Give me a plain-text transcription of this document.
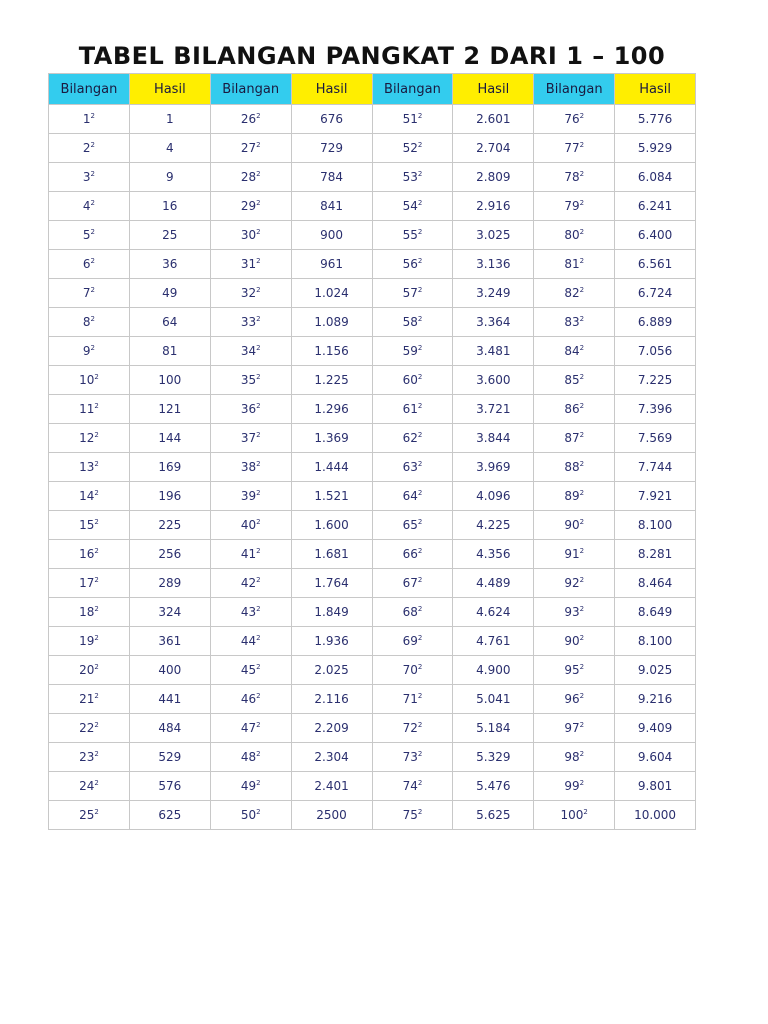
TABEL BILANGAN PANGKAT 2 DARI 1 – 100
Bilangan	Hasil	Bilangan	Hasil	Bilangan	Hasil	Bilangan	Hasil
$1^2$	1	$26^2$	676	$51^2$	2.601	$76^2$	5.776
$2^2$	4	$27^2$	729	$52^2$	2.704	$77^2$	5.929
$3^2$	9	$28^2$	784	$53^2$	2.809	$78^2$	6.084
$4^2$	16	$29^2$	841	$54^2$	2.916	$79^2$	6.241
$5^2$	25	$30^2$	900	$55^2$	3.025	$80^2$	6.400
$6^2$	36	$31^2$	961	$56^2$	3.136	$81^2$	6.561
$7^2$	49	$32^2$	1.024	$57^2$	3.249	$82^2$	6.724
$8^2$	64	$33^2$	1.089	$58^2$	3.364	$83^2$	6.889
$9^2$	81	$34^2$	1.156	$59^2$	3.481	$84^2$	7.056
$10^2$	100	$35^2$	1.225	$60^2$	3.600	$85^2$	7.225
$11^2$	121	$36^2$	1.296	$61^2$	3.721	$86^2$	7.396
$12^2$	144	$37^2$	1.369	$62^2$	3.844	$87^2$	7.569
$13^2$	169	$38^2$	1.444	$63^2$	3.969	$88^2$	7.744
$14^2$	196	$39^2$	1.521	$64^2$	4.096	$89^2$	7.921
$15^2$	225	$40^2$	1.600	$65^2$	4.225	$90^2$	8.100
$16^2$	256	$41^2$	1.681	$66^2$	4.356	$91^2$	8.281
$17^2$	289	$42^2$	1.764	$67^2$	4.489	$92^2$	8.464
$18^2$	324	$43^2$	1.849	$68^2$	4.624	$93^2$	8.649
$19^2$	361	$44^2$	1.936	$69^2$	4.761	$90^2$	8.100
$20^2$	400	$45^2$	2.025	$70^2$	4.900	$95^2$	9.025
$21^2$	441	$46^2$	2.116	$71^2$	5.041	$96^2$	9.216
$22^2$	484	$47^2$	2.209	$72^2$	5.184	$97^2$	9.409
$23^2$	529	$48^2$	2.304	$73^2$	5.329	$98^2$	9.604
$24^2$	576	$49^2$	2.401	$74^2$	5.476	$99^2$	9.801
$25^2$	625	$50^2$	2500	$75^2$	5.625	$100^2$	10.000
